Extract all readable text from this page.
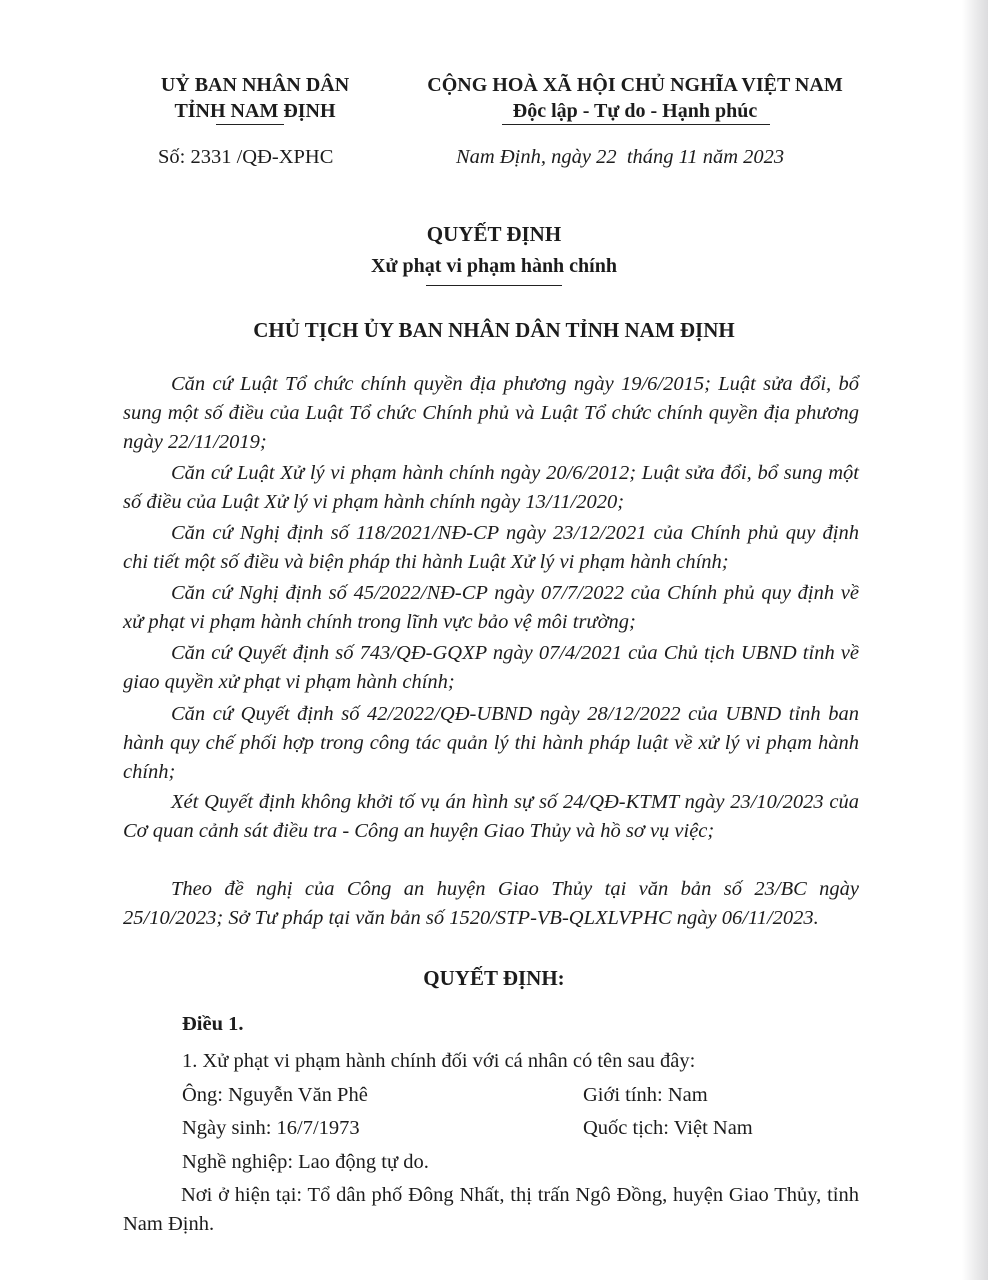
UỶ BAN NHÂN DÂN
TỈNH NAM ĐỊNH
CỘNG HOÀ XÃ HỘI CHỦ NGHĨA VIỆT NAM
Độc lập - Tự do - Hạnh phúc
Số: 2331 /QĐ-XPHC	Nam Định, ngày 22  tháng 11 năm 2023
QUYẾT ĐỊNH
Xử phạt vi phạm hành chính
CHỦ TỊCH ỦY BAN NHÂN DÂN TỈNH NAM ĐỊNH

Căn cứ Luật Tổ chức chính quyền địa phương ngày 19/6/2015; Luật sửa đổi, bổ sung một số điều của Luật Tổ chức Chính phủ và Luật Tổ chức chính quyền địa phương ngày 22/11/2019;

Căn cứ Luật Xử lý vi phạm hành chính ngày 20/6/2012; Luật sửa đổi, bổ sung một số điều của Luật Xử lý vi phạm hành chính ngày 13/11/2020;

Căn cứ Nghị định số 118/2021/NĐ-CP ngày 23/12/2021 của Chính phủ quy định chi tiết một số điều và biện pháp thi hành Luật Xử lý vi phạm hành chính;

Căn cứ Nghị định số 45/2022/NĐ-CP ngày 07/7/2022 của Chính phủ quy định về xử phạt vi phạm hành chính trong lĩnh vực bảo vệ môi trường;

Căn cứ Quyết định số 743/QĐ-GQXP ngày 07/4/2021 của Chủ tịch UBND tỉnh về giao quyền xử phạt vi phạm hành chính;

Căn cứ Quyết định số 42/2022/QĐ-UBND ngày 28/12/2022 của UBND tỉnh ban hành quy chế phối hợp trong công tác quản lý thi hành pháp luật về xử lý vi phạm hành chính;

Xét Quyết định không khởi tố vụ án hình sự số 24/QĐ-KTMT ngày 23/10/2023 của Cơ quan cảnh sát điều tra - Công an huyện Giao Thủy và hồ sơ vụ việc;

Theo đề nghị của Công an huyện Giao Thủy tại văn bản số 23/BC ngày 25/10/2023; Sở Tư pháp tại văn bản số 1520/STP-VB-QLXLVPHC ngày 06/11/2023.

QUYẾT ĐỊNH:
Điều 1.

1. Xử phạt vi phạm hành chính đối với cá nhân có tên sau đây:

Ông: Nguyễn Văn Phê	Giới tính: Nam

Ngày sinh: 16/7/1973	Quốc tịch: Việt Nam

Nghề nghiệp: Lao động tự do.

Nơi ở hiện tại: Tổ dân phố Đông Nhất, thị trấn Ngô Đồng, huyện Giao Thủy, tỉnh Nam Định.
